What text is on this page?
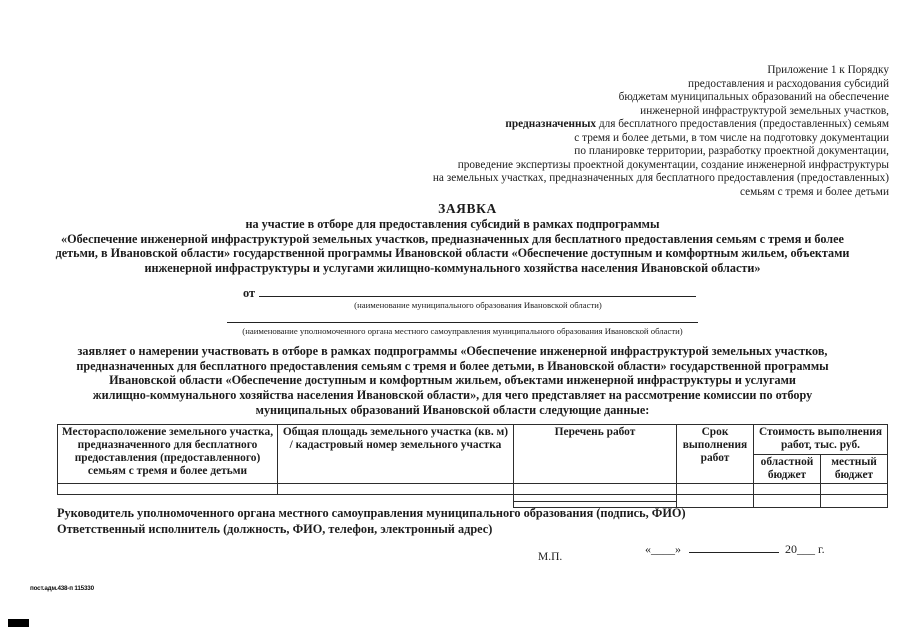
Приложение 1 к Порядку
предоставления и расходования субсидий
бюджетам муниципальных образований на обеспечение
инженерной инфраструктурой земельных участков,
предназначенных для бесплатного предоставления (предоставленных) семьям
с тремя и более детьми, в том числе на подготовку документации
по планировке территории, разработку проектной документации,
проведение экспертизы проектной документации, создание инженерной инфраструктуры
на земельных участках, предназначенных для бесплатного предоставления (предоставленных)
семьям с тремя и более детьми
ЗАЯВКА
на участие в отборе для предоставления субсидий в рамках подпрограммы
«Обеспечение инженерной инфраструктурой земельных участков, предназначенных для бесплатного предоставления семьям с тремя и более
детьми, в Ивановской области» государственной программы Ивановской области «Обеспечение доступным и комфортным жильем, объектами
инженерной инфраструктуры и услугами жилищно-коммунального хозяйства населения Ивановской области»
от
(наименование муниципального образования Ивановской области)
(наименование уполномоченного органа местного самоуправления муниципального образования Ивановской области)
заявляет о намерении участвовать в отборе в рамках подпрограммы «Обеспечение инженерной инфраструктурой земельных участков,
предназначенных для бесплатного предоставления семьям с тремя и более детьми, в Ивановской области» государственной программы
Ивановской области «Обеспечение доступным и комфортным жильем, объектами инженерной инфраструктуры и услугами
жилищно-коммунального хозяйства населения Ивановской области», для чего представляет на рассмотрение комиссии по отбору
муниципальных образований Ивановской области следующие данные:
Месторасположение земельного участка, предназначенного для бесплатного предоставления (предоставленного) семьям с тремя и более детьми	Общая площадь земельного участка (кв. м) / кадастровый номер земельного участка	Перечень работ	Срок выполнения работ	Стоимость выполнения работ, тыс. руб.	
				областной бюджет	местный бюджет

Руководитель уполномоченного органа местного самоуправления муниципального образования (подпись, ФИО)
Ответственный исполнитель (должность, ФИО, телефон, электронный адрес)
М.П.
«____»	20___ г.
пост.адм.438-п 115330
